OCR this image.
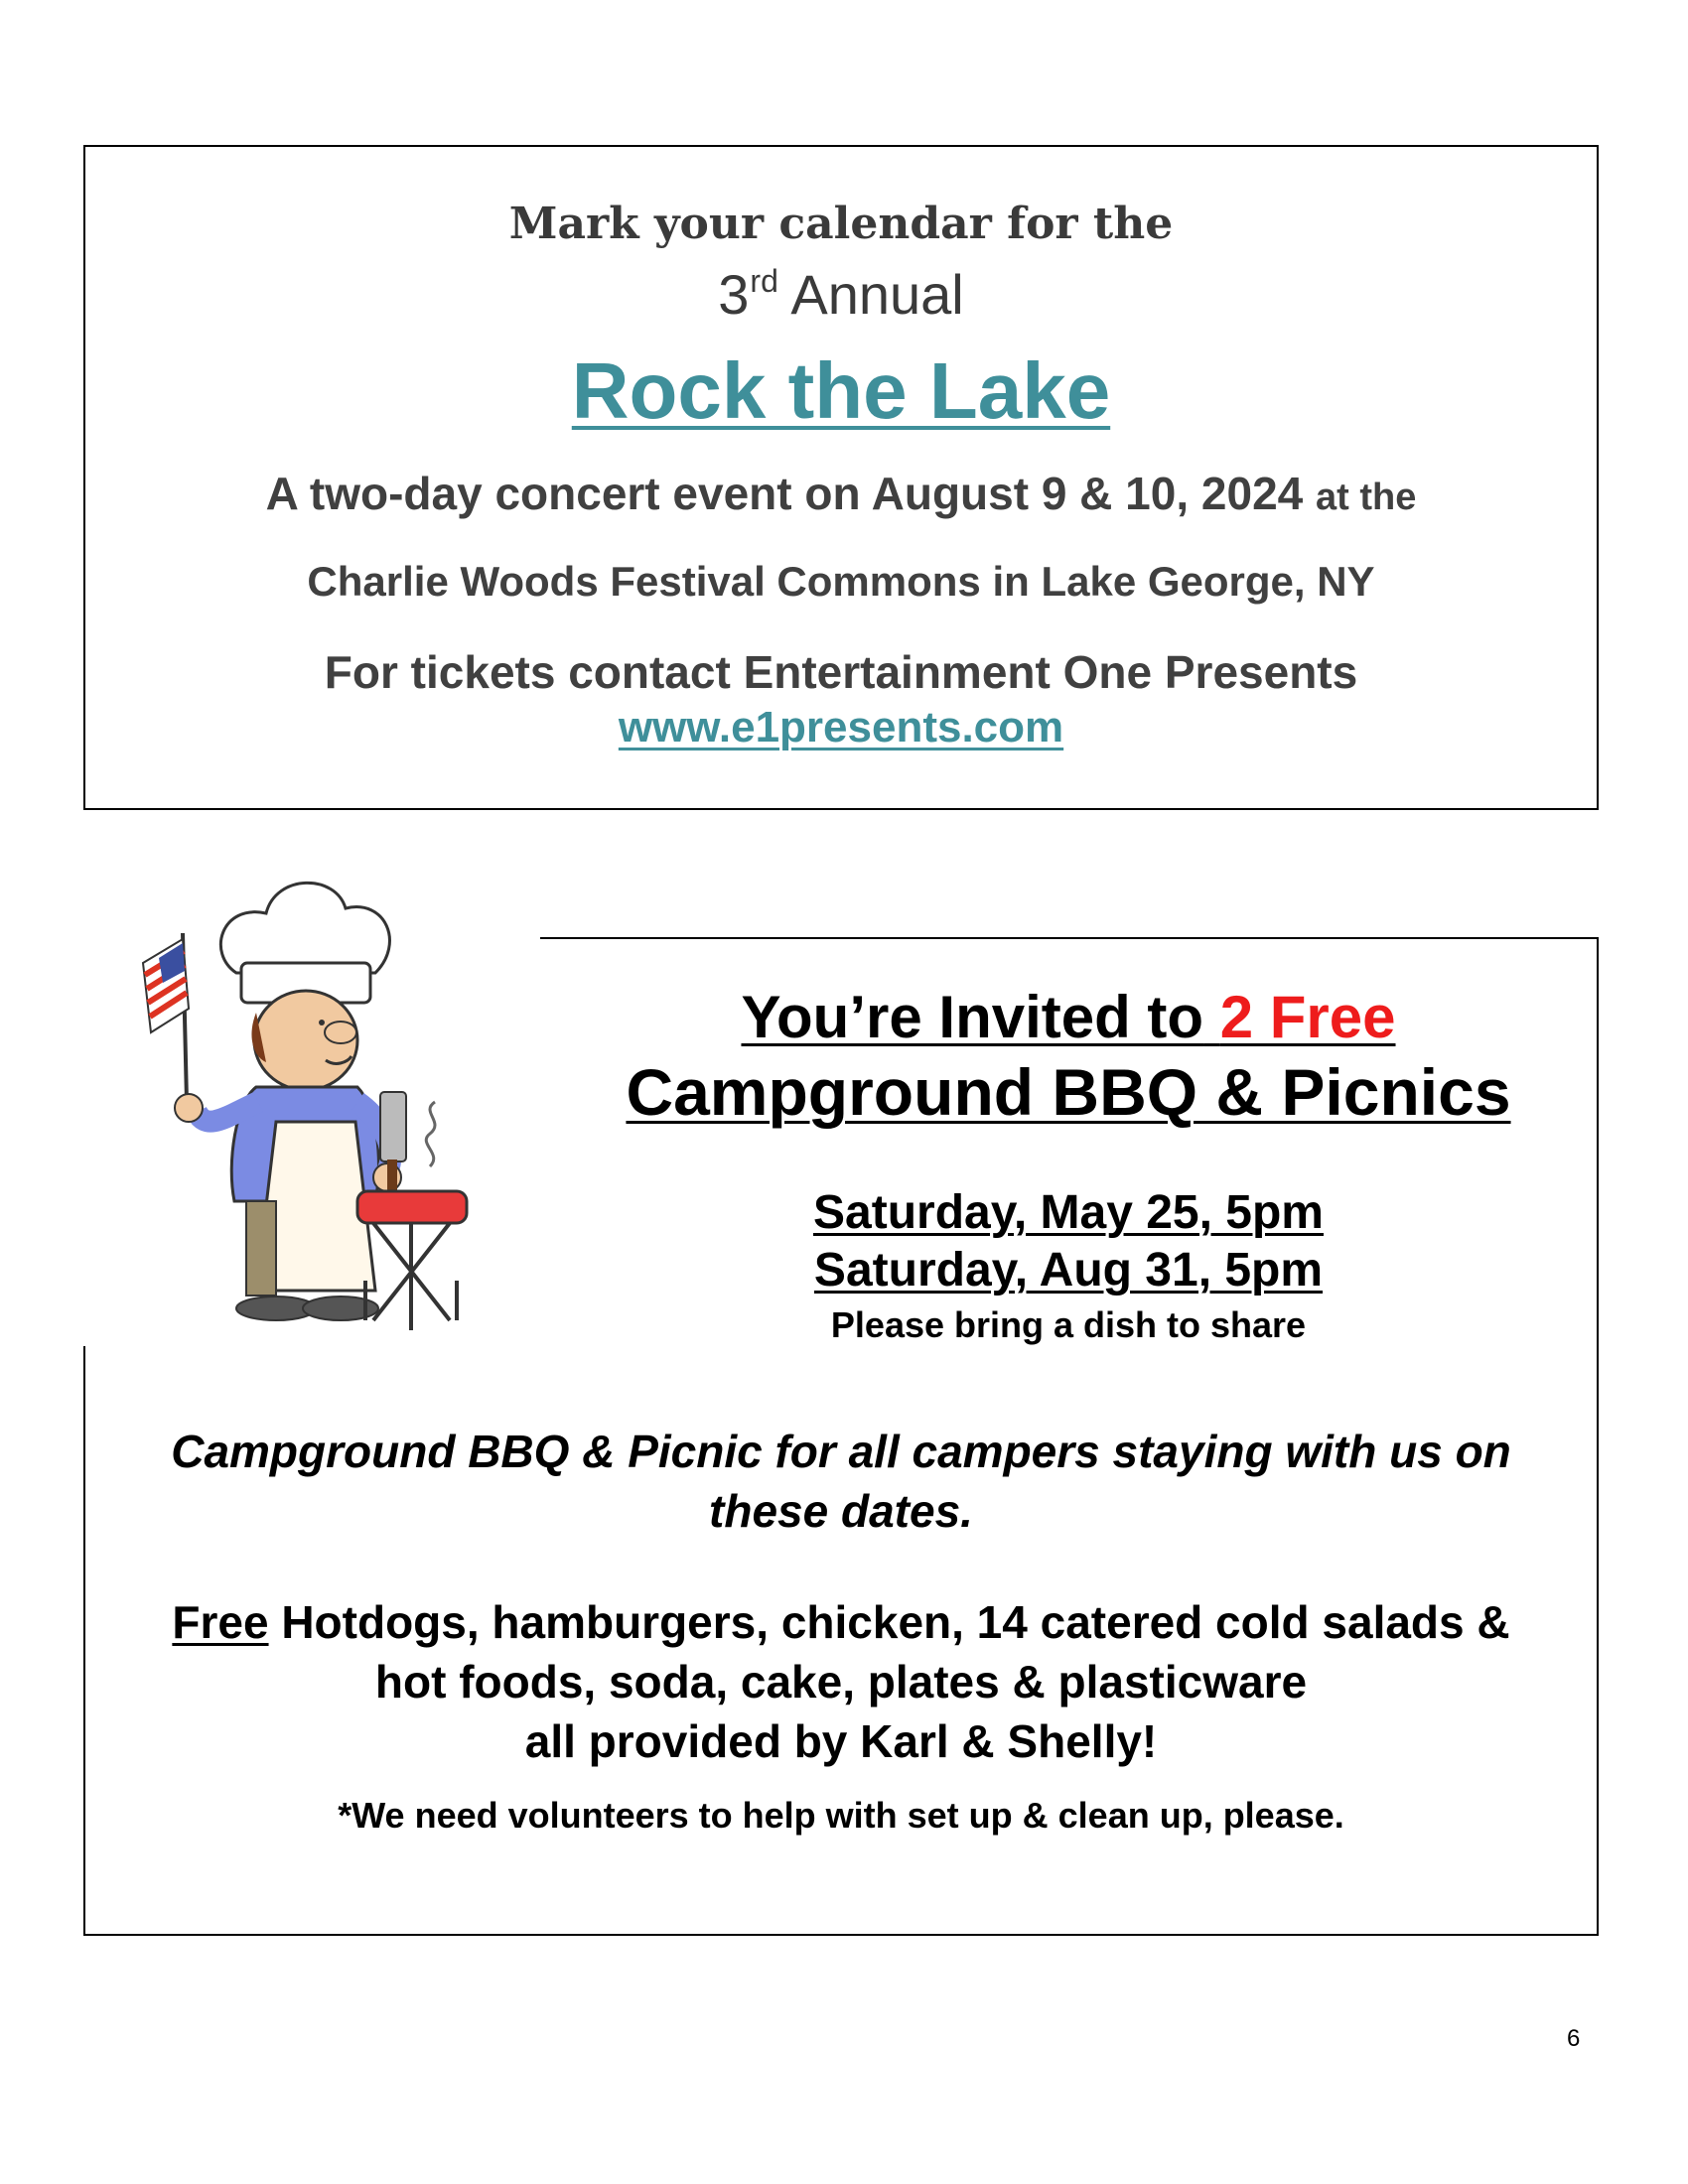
Mark your calendar for the
3rd Annual
Rock the Lake
A two-day concert event on August 9 & 10, 2024 at the
Charlie Woods Festival Commons in Lake George, NY
For tickets contact Entertainment One Presents
www.e1presents.com
You’re Invited to 2 Free
Campground BBQ & Picnics
Saturday, May 25, 5pm
Saturday, Aug 31, 5pm
Please bring a dish to share
Campground BBQ & Picnic for all campers staying with us on
these dates.
Free Hotdogs, hamburgers, chicken, 14 catered cold salads &
hot foods, soda, cake, plates & plasticware
all provided by Karl & Shelly!
*We need volunteers to help with set up & clean up, please.
6
